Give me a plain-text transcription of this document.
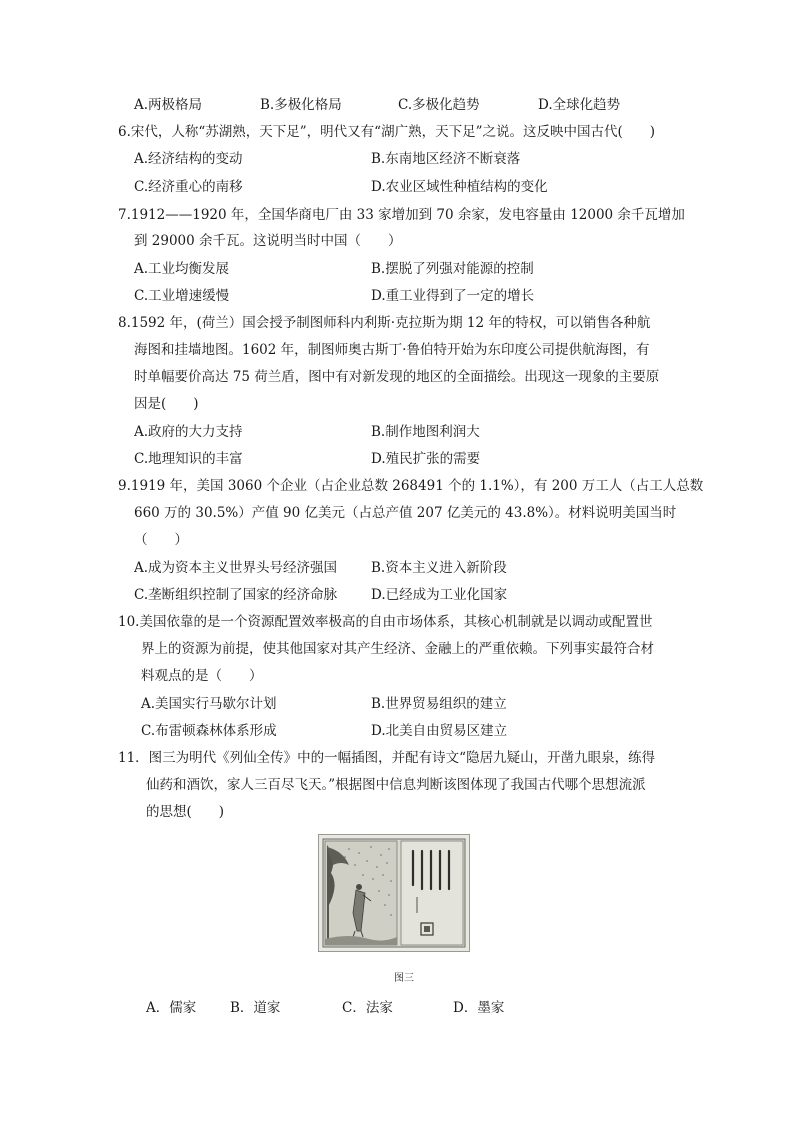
A.两极格局	B.多极化格局	C.多极化趋势	D.全球化趋势
6.宋代，人称“苏湖熟，天下足”，明代又有“湖广熟，天下足”之说。这反映中国古代(　　)
A.经济结构的变动	B.东南地区经济不断衰落
C.经济重心的南移	D.农业区域性种植结构的变化
7.1912——1920 年，全国华商电厂由 33 家增加到 70 余家，发电容量由 12000 余千瓦增加
到 29000 余千瓦。这说明当时中国（　　）
A.工业均衡发展	B.摆脱了列强对能源的控制
C.工业增速缓慢	D.重工业得到了一定的增长
8.1592 年，(荷兰）国会授予制图师科内利斯·克拉斯为期 12 年的特权，可以销售各种航
海图和挂墙地图。1602 年，制图师奥古斯丁·鲁伯特开始为东印度公司提供航海图，有
时单幅要价高达 75 荷兰盾，图中有对新发现的地区的全面描绘。出现这一现象的主要原
因是(　　)
A.政府的大力支持	B.制作地图利润大
C.地理知识的丰富	D.殖民扩张的需要
9.1919 年，美国 3060 个企业（占企业总数 268491 个的 1.1%），有 200 万工人（占工人总数
660 万的 30.5%）产值 90 亿美元（占总产值 207 亿美元的 43.8%）。材料说明美国当时
（　　）
A.成为资本主义世界头号经济强国	B.资本主义进入新阶段
C.垄断组织控制了国家的经济命脉	D.已经成为工业化国家
10.美国依靠的是一个资源配置效率极高的自由市场体系，其核心机制就是以调动或配置世
界上的资源为前提，使其他国家对其产生经济、金融上的严重依赖。下列事实最符合材
料观点的是（　　）
A.美国实行马歇尔计划	B.世界贸易组织的建立
C.布雷顿森林体系形成	D.北美自由贸易区建立
11．图三为明代《列仙全传》中的一幅插图，并配有诗文“隐居九疑山，开凿九眼泉，练得
仙药和酒饮，家人三百尽飞天。”根据图中信息判断该图体现了我国古代哪个思想流派
的思想(　　)
图三
A．儒家	B．道家	C．法家	D．墨家
